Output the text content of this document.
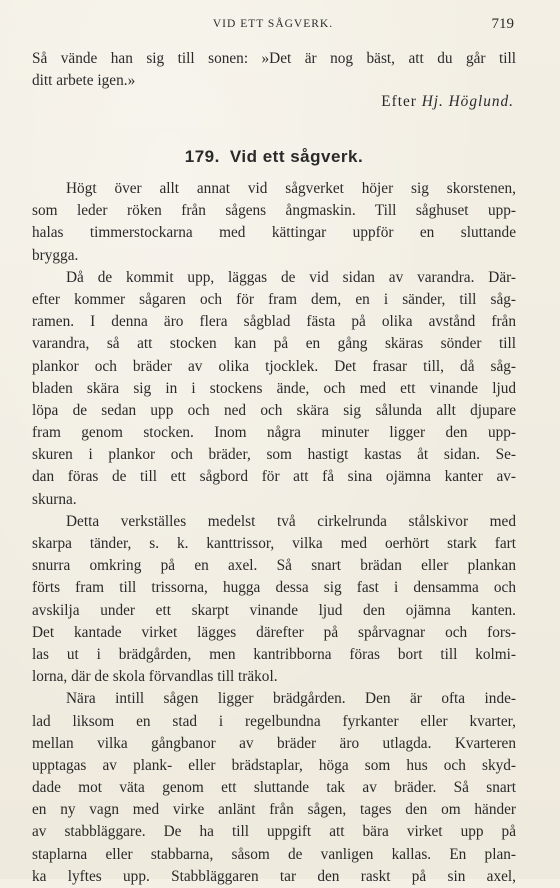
VID ETT SÅGVERK.	719
Så vände han sig till sonen: »Det är nog bäst, att du går till
ditt arbete igen.»
Efter Hj. Höglund.
179. Vid ett sågverk.
Högt över allt annat vid sågverket höjer sig skorstenen,
som leder röken från sågens ångmaskin. Till såghuset upp-
halas timmerstockarna med kättingar uppför en sluttande
brygga.
Då de kommit upp, läggas de vid sidan av varandra. Där-
efter kommer sågaren och för fram dem, en i sänder, till såg-
ramen. I denna äro flera sågblad fästa på olika avstånd från
varandra, så att stocken kan på en gång skäras sönder till
plankor och bräder av olika tjocklek. Det frasar till, då såg-
bladen skära sig in i stockens ände, och med ett vinande ljud
löpa de sedan upp och ned och skära sig sålunda allt djupare
fram genom stocken. Inom några minuter ligger den upp-
skuren i plankor och bräder, som hastigt kastas åt sidan. Se-
dan föras de till ett sågbord för att få sina ojämna kanter av-
skurna.
Detta verkställes medelst två cirkelrunda stålskivor med
skarpa tänder, s. k. kanttrissor, vilka med oerhört stark fart
snurra omkring på en axel. Så snart brädan eller plankan
förts fram till trissorna, hugga dessa sig fast i densamma och
avskilja under ett skarpt vinande ljud den ojämna kanten.
Det kantade virket lägges därefter på spårvagnar och fors-
las ut i brädgården, men kantribborna föras bort till kolmi-
lorna, där de skola förvandlas till träkol.
Nära intill sågen ligger brädgården. Den är ofta inde-
lad liksom en stad i regelbundna fyrkanter eller kvarter,
mellan vilka gångbanor av bräder äro utlagda. Kvarteren
upptagas av plank- eller brädstaplar, höga som hus och skyd-
dade mot väta genom ett sluttande tak av bräder. Så snart
en ny vagn med virke anlänt från sågen, tages den om händer
av stabbläggare. De ha till uppgift att bära virket upp på
staplarna eller stabbarna, såsom de vanligen kallas. En plan-
ka lyftes upp. Stabbläggaren tar den raskt på sin axel,
